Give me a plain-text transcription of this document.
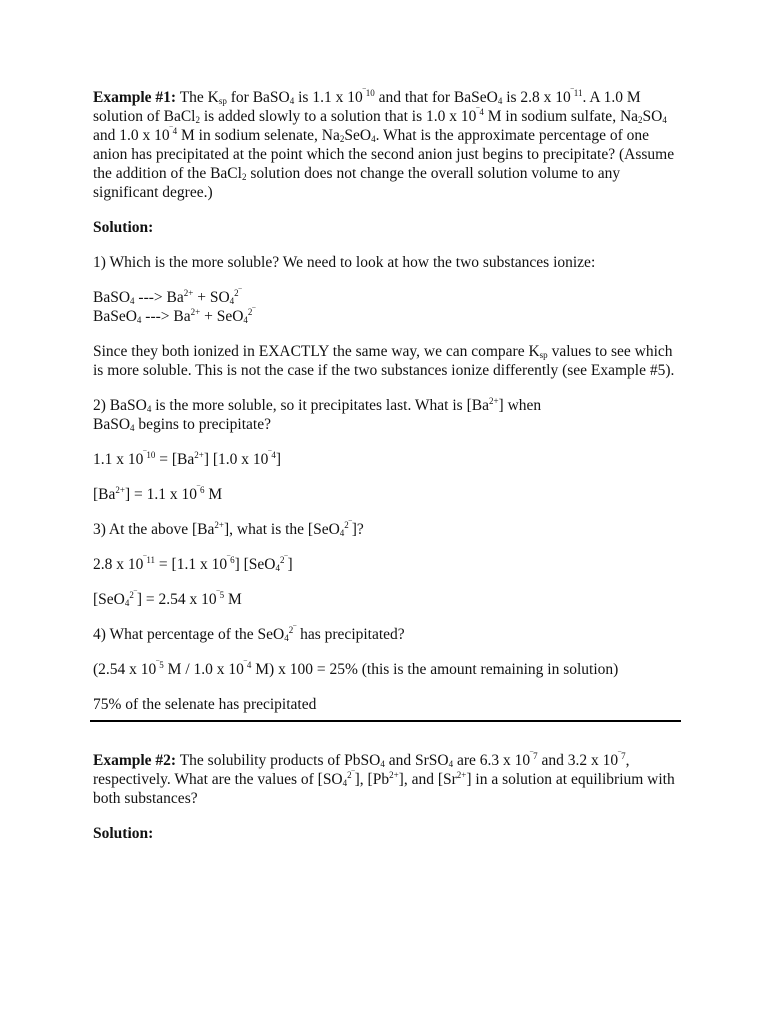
Example #1: The $K_{sp}$ for BaSO$_4$ is 1.1 x $10^{‾10}$ and that for BaSeO$_4$ is 2.8 x $10^{‾11}$. A 1.0 M solution of BaCl$_2$ is added slowly to a solution that is 1.0 x $10^{‾4}$ M in sodium sulfate, $Na_2SO_4$ and 1.0 x $10^{‾4}$ M in sodium selenate, $Na_2SeO_4$. What is the approximate percentage of one anion has precipitated at the point which the second anion just begins to precipitate? (Assume the addition of the BaCl$_2$ solution does not change the overall solution volume to any significant degree.)

Solution:

1) Which is the more soluble? We need to look at how the two substances ionize:

BaSO$_4$ ---> $Ba^{2+} + SO_4^{2‾}$

BaSeO$_4$ ---> $Ba^{2+} + SeO_4^{2‾}$

Since they both ionized in EXACTLY the same way, we can compare $K_{sp}$ values to see which is more soluble. This is not the case if the two substances ionize differently (see Example #5).

2) BaSO$_4$ is the more soluble, so it precipitates last. What is $[Ba^{2+}]$ when
BaSO$_4$ begins to precipitate?

1.1 x $10^{‾10} = [Ba^{2+}]$ [1.0 x $10^{‾4}$]

$[Ba^{2+}] = 1.1$ x $10^{‾6}$ M

3) At the above $[Ba^{2+}]$, what is the [SeO$_4^{2‾}$]?

2.8 x $10^{‾11} = [1.1$ x $10^{‾6}$] [SeO$_4^{2‾}$]

[SeO$_4^{2‾}$] = 2.54 x $10^{‾5}$ M

4) What percentage of the SeO$_4^{2‾}$ has precipitated?

(2.54 x $10^{‾5}$ M / 1.0 x $10^{‾4}$ M) x 100 = 25% (this is the amount remaining in solution)

75% of the selenate has precipitated

Example #2: The solubility products of PbSO$_4$ and SrSO$_4$ are 6.3 x $10^{‾7}$ and 3.2 x $10^{‾7}$, respectively. What are the values of $[SO_4^{2‾}]$, $[Pb^{2+}]$, and $[Sr^{2+}]$ in a solution at equilibrium with both substances?

Solution:
